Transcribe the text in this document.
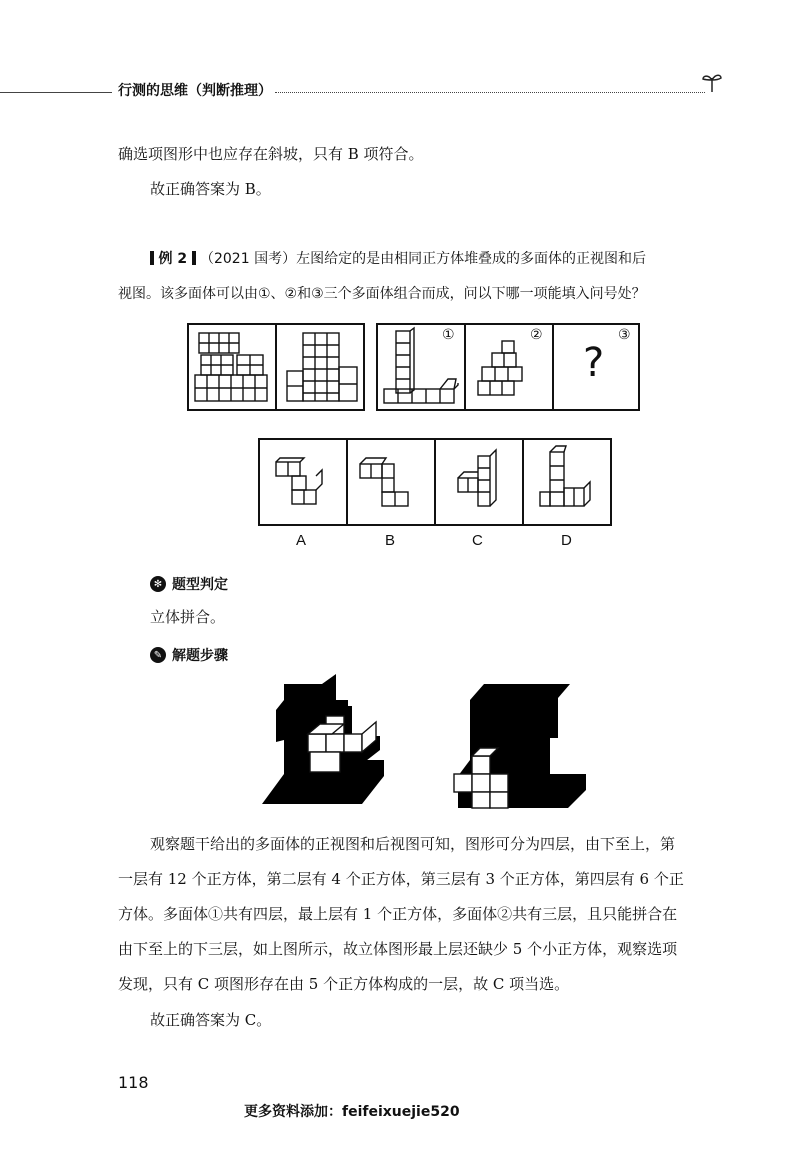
行测的思维（判断推理）
确选项图形中也应存在斜坡，只有 B 项符合。
故正确答案为 B。
例 2 （2021 国考）左图给定的是由相同正方体堆叠成的多面体的正视图和后
视图。该多面体可以由①、②和③三个多面体组合而成，问以下哪一项能填入问号处？
①	②	③
?
A	B	C	D
✻ 题型判定
立体拼合。
✎ 解题步骤
观察题干给出的多面体的正视图和后视图可知，图形可分为四层，由下至上，第
一层有 12 个正方体，第二层有 4 个正方体，第三层有 3 个正方体，第四层有 6 个正
方体。多面体①共有四层，最上层有 1 个正方体，多面体②共有三层，且只能拼合在
由下至上的下三层，如上图所示，故立体图形最上层还缺少 5 个小正方体，观察选项
发现，只有 C 项图形存在由 5 个正方体构成的一层，故 C 项当选。
故正确答案为 C。
118
更多资料添加：feifeixuejie520
